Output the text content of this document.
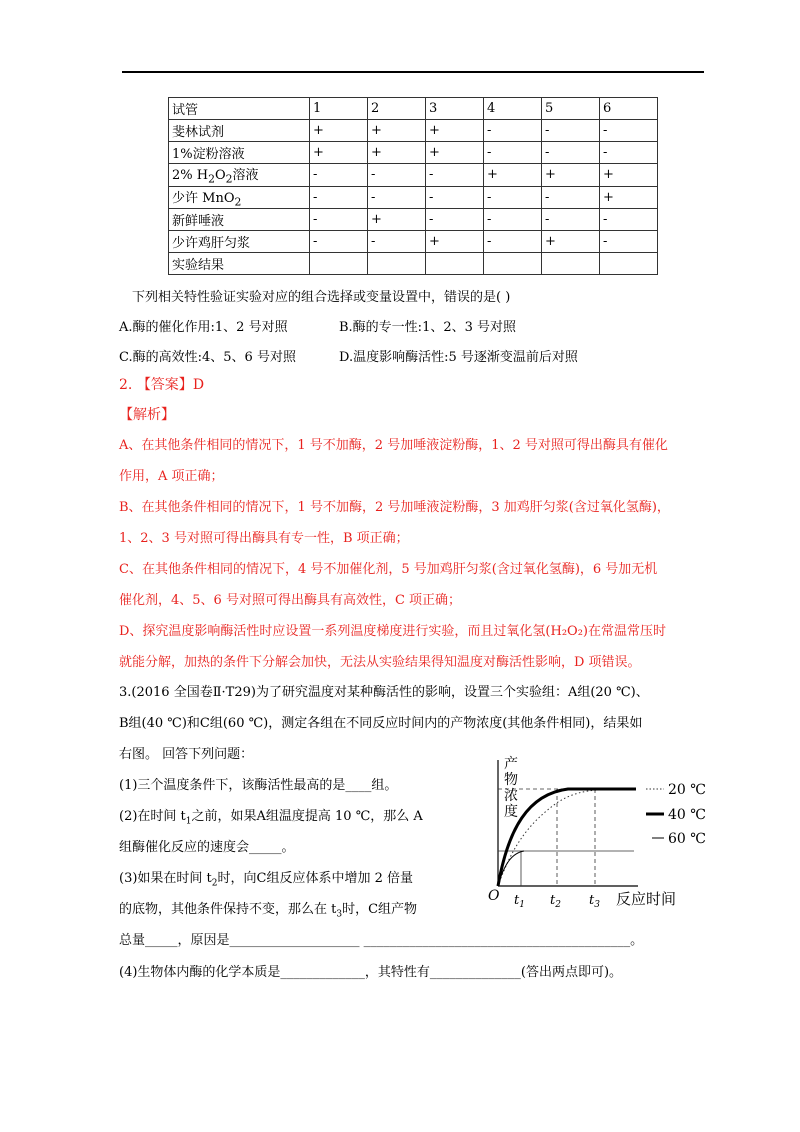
试管	1	2	3	4	5	6
斐林试剂	+	+	+	-	-	-
1%淀粉溶液	+	+	+	-	-	-
2% $H_2O_2$溶液	-	-	-	+	+	+
少许 MnO$_2$	-	-	-	-	-	+
新鲜唾液	-	+	-	-	-	-
少许鸡肝匀浆	-	-	+	-	+	-
实验结果						
下列相关特性验证实验对应的组合选择或变量设置中，错误的是( )
A.酶的催化作用:1、2 号对照	B.酶的专一性:1、2、3 号对照
C.酶的高效性:4、5、6 号对照	D.温度影响酶活性:5 号逐渐变温前后对照
2. 【答案】D
【解析】
A、在其他条件相同的情况下，1 号不加酶，2 号加唾液淀粉酶，1、2 号对照可得出酶具有催化
作用，A 项正确；
B、在其他条件相同的情况下，1 号不加酶，2 号加唾液淀粉酶，3 加鸡肝匀浆(含过氧化氢酶)，
1、2、3 号对照可得出酶具有专一性，B 项正确；
C、在其他条件相同的情况下，4 号不加催化剂，5 号加鸡肝匀浆(含过氧化氢酶)，6 号加无机
催化剂，4、5、6 号对照可得出酶具有高效性，C 项正确；
D、探究温度影响酶活性时应设置一系列温度梯度进行实验，而且过氧化氢(H₂O₂)在常温常压时
就能分解，加热的条件下分解会加快，无法从实验结果得知温度对酶活性影响，D 项错误。
3.(2016 全国卷Ⅱ·T29)为了研究温度对某种酶活性的影响，设置三个实验组：A组(20 ℃)、
B组(40 ℃)和C组(60 ℃)，测定各组在不同反应时间内的产物浓度(其他条件相同)，结果如
右图。 回答下列问题：
(1)三个温度条件下，该酶活性最高的是____组。
(2)在时间 $t_1$之前，如果A组温度提高 10 ℃，那么 A
组酶催化反应的速度会_____。
(3)如果在时间 $t_2$时，向C组反应体系中增加 2 倍量
的底物，其他条件保持不变，那么在 $t_3$时，C组产物
总量_____，原因是____________________ _________________________________________。
(4)生物体内酶的化学本质是_____________，其特性有______________(答出两点即可)。
产物浓度
O	反应时间
$t_1$ $t_2$ $t_3$
20 ℃
40 ℃
60 ℃
